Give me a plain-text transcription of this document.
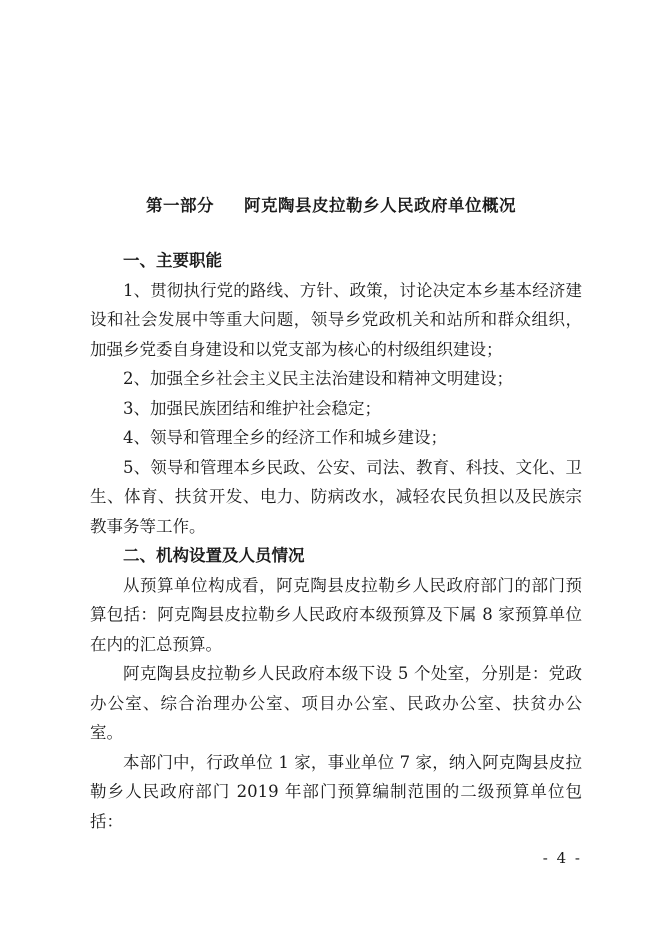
第一部分 阿克陶县皮拉勒乡人民政府单位概况
一、主要职能

1、贯彻执行党的路线、方针、政策，讨论决定本乡基本经济建设和社会发展中等重大问题，领导乡党政机关和站所和群众组织，加强乡党委自身建设和以党支部为核心的村级组织建设；

2、加强全乡社会主义民主法治建设和精神文明建设；

3、加强民族团结和维护社会稳定；

4、领导和管理全乡的经济工作和城乡建设；

5、领导和管理本乡民政、公安、司法、教育、科技、文化、卫生、体育、扶贫开发、电力、防病改水，减轻农民负担以及民族宗教事务等工作。

二、机构设置及人员情况

从预算单位构成看，阿克陶县皮拉勒乡人民政府部门的部门预算包括：阿克陶县皮拉勒乡人民政府本级预算及下属 8 家预算单位在内的汇总预算。

阿克陶县皮拉勒乡人民政府本级下设 5 个处室，分别是：党政办公室、综合治理办公室、项目办公室、民政办公室、扶贫办公室。

本部门中，行政单位 1 家，事业单位 7 家，纳入阿克陶县皮拉勒乡人民政府部门 2019 年部门预算编制范围的二级预算单位包括：

- 4 -
